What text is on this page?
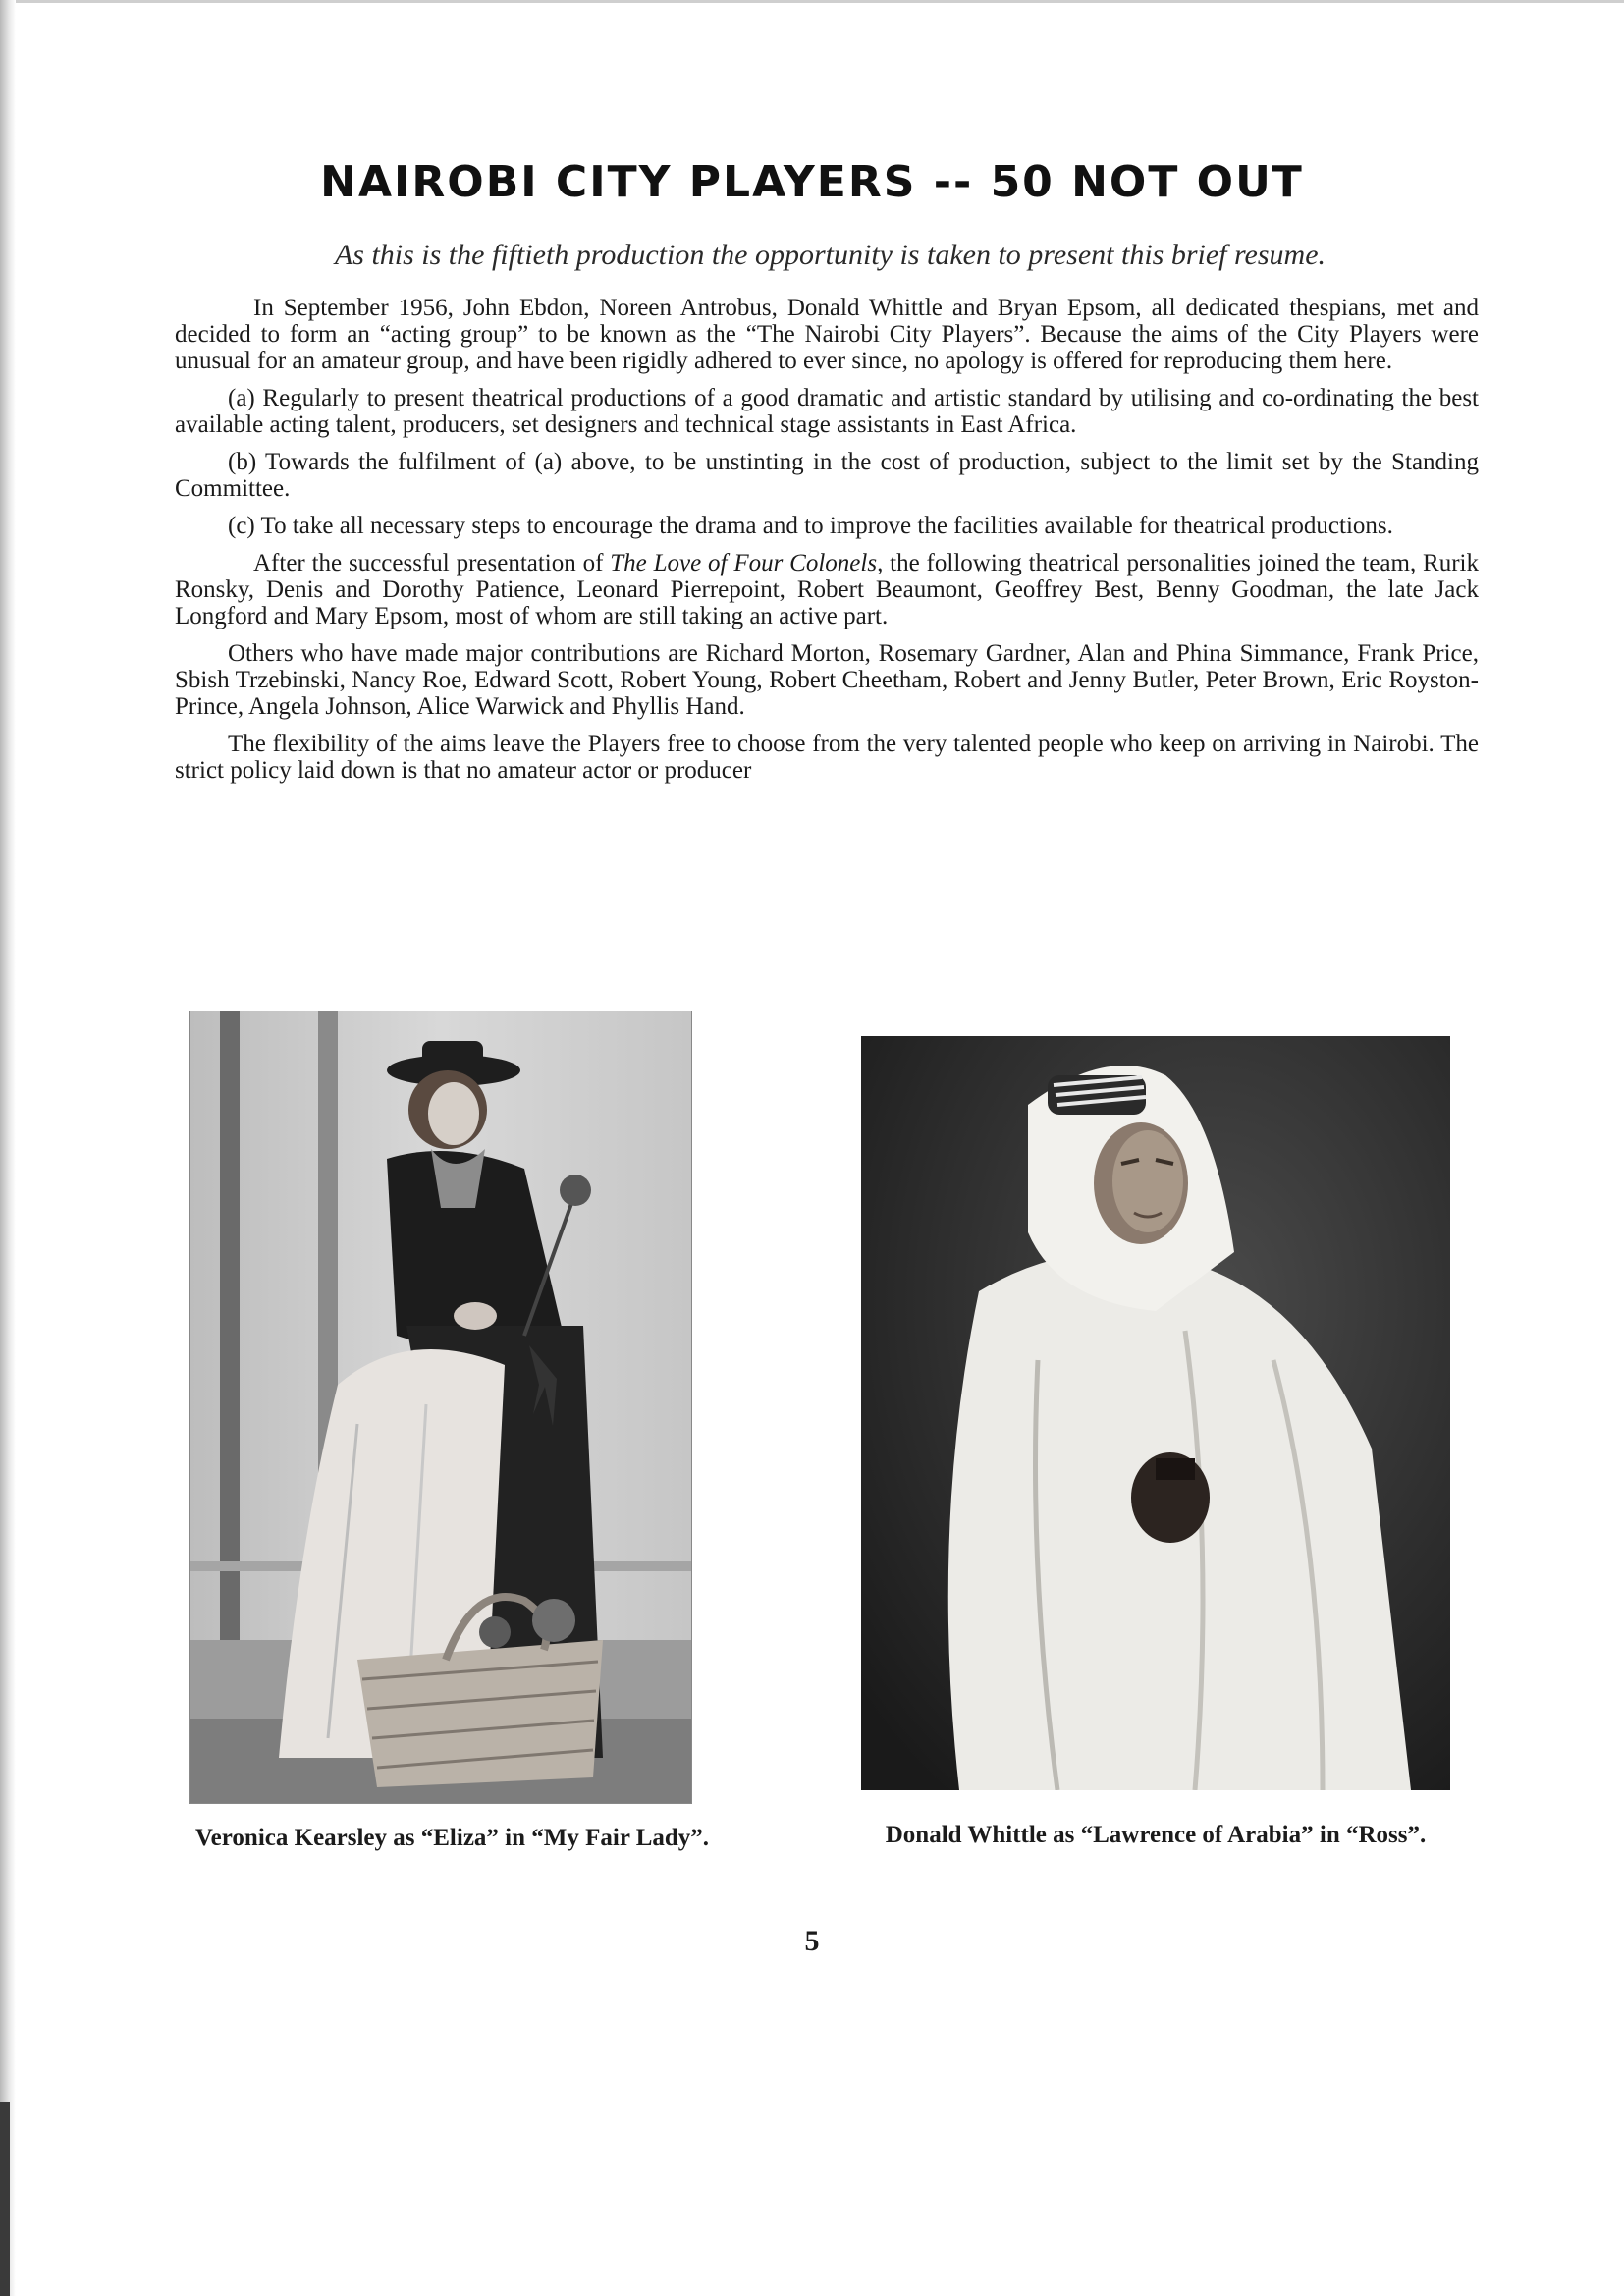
NAIROBI CITY PLAYERS -- 50 NOT OUT
As this is the fiftieth production the opportunity is taken to present this brief resume.

In September 1956, John Ebdon, Noreen Antrobus, Donald Whittle and Bryan Epsom, all dedicated thespians, met and decided to form an “acting group” to be known as the “The Nairobi City Players”. Because the aims of the City Players were unusual for an amateur group, and have been rigidly adhered to ever since, no apology is offered for reproducing them here.

(a) Regularly to present theatrical productions of a good dramatic and artistic standard by utilising and co-ordinating the best available acting talent, producers, set designers and technical stage assistants in East Africa.

(b) Towards the fulfilment of (a) above, to be unstinting in the cost of production, subject to the limit set by the Standing Committee.

(c) To take all necessary steps to encourage the drama and to improve the facilities available for theatrical productions.

After the successful presentation of The Love of Four Colonels, the following theatrical personalities joined the team, Rurik Ronsky, Denis and Dorothy Patience, Leonard Pierrepoint, Robert Beaumont, Geoffrey Best, Benny Goodman, the late Jack Longford and Mary Epsom, most of whom are still taking an active part.

Others who have made major contributions are Richard Morton, Rosemary Gardner, Alan and Phina Simmance, Frank Price, Sbish Trzebinski, Nancy Roe, Edward Scott, Robert Young, Robert Cheetham, Robert and Jenny Butler, Peter Brown, Eric Royston-Prince, Angela Johnson, Alice Warwick and Phyllis Hand.

The flexibility of the aims leave the Players free to choose from the very talented people who keep on arriving in Nairobi. The strict policy laid down is that no amateur actor or producer

Veronica Kearsley as “Eliza” in “My Fair Lady”.	Donald Whittle as “Lawrence of Arabia” in “Ross”.
5
